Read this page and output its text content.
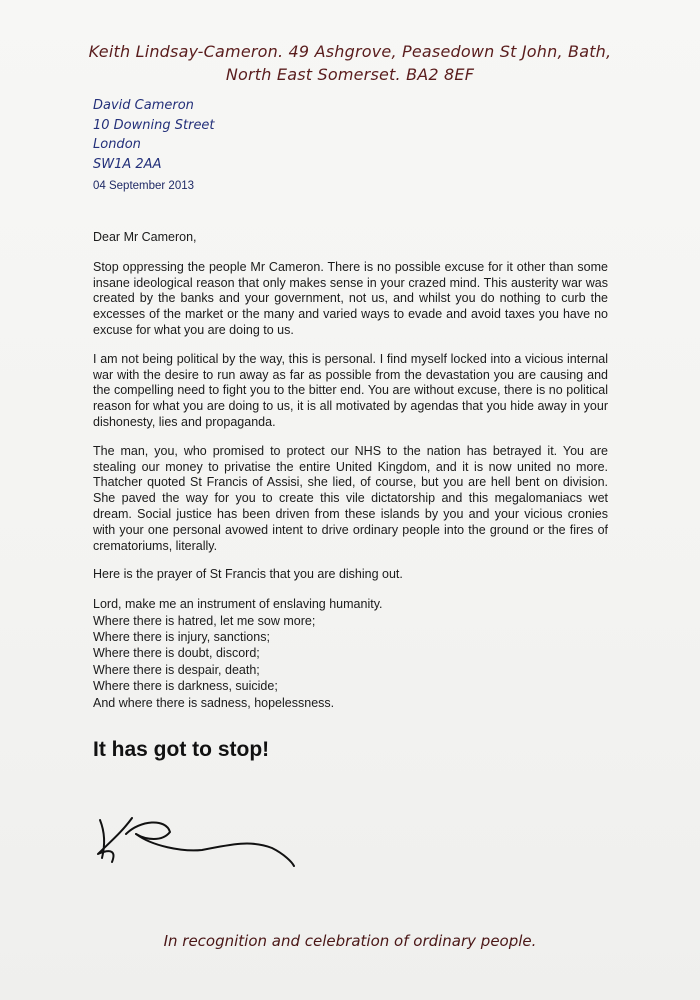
Keith Lindsay-Cameron. 49 Ashgrove, Peasedown St John, Bath,
North East Somerset. BA2 8EF
David Cameron
10 Downing Street
London
SW1A 2AA
04 September 2013

Dear Mr Cameron,

Stop oppressing the people Mr Cameron. There is no possible excuse for it other than some insane ideological reason that only makes sense in your crazed mind. This austerity war was created by the banks and your government, not us, and whilst you do nothing to curb the excesses of the market or the many and varied ways to evade and avoid taxes you have no excuse for what you are doing to us.

I am not being political by the way, this is personal. I find myself locked into a vicious internal war with the desire to run away as far as possible from the devastation you are causing and the compelling need to fight you to the bitter end. You are without excuse, there is no political reason for what you are doing to us, it is all motivated by agendas that you hide away in your dishonesty, lies and propaganda.

The man, you, who promised to protect our NHS to the nation has betrayed it. You are stealing our money to privatise the entire United Kingdom, and it is now united no more. Thatcher quoted St Francis of Assisi, she lied, of course, but you are hell bent on division. She paved the way for you to create this vile dictatorship and this megalomaniacs wet dream. Social justice has been driven from these islands by you and your vicious cronies with your one personal avowed intent to drive ordinary people into the ground or the fires of crematoriums, literally.

Here is the prayer of St Francis that you are dishing out.

Lord, make me an instrument of enslaving humanity.
Where there is hatred, let me sow more;
Where there is injury, sanctions;
Where there is doubt, discord;
Where there is despair, death;
Where there is darkness, suicide;
And where there is sadness, hopelessness.
It has got to stop!
In recognition and celebration of ordinary people.
